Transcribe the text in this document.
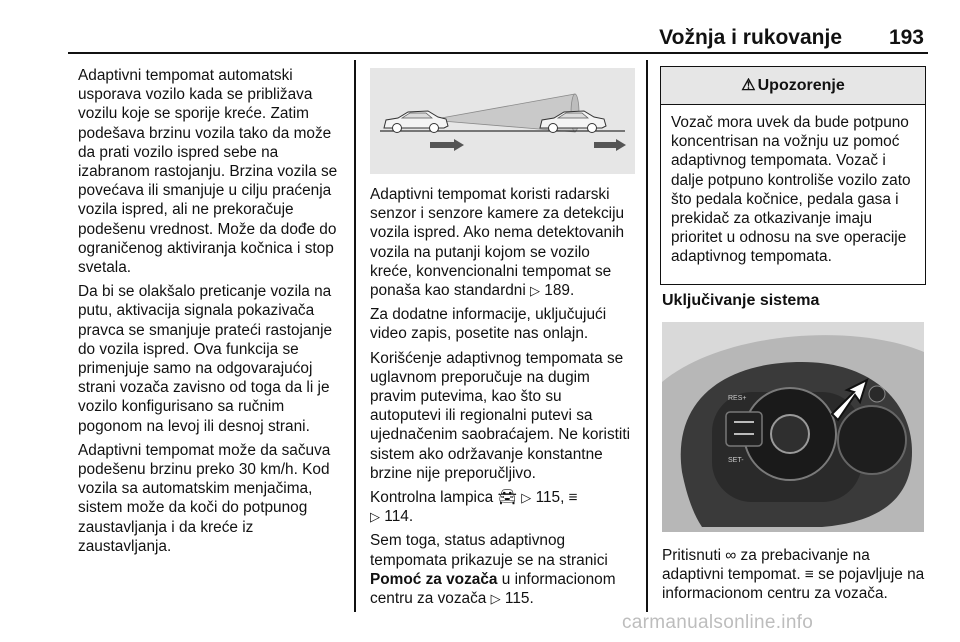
Vožnja i rukovanje 193

Adaptivni tempomat automatski usporava vozilo kada se približava vozilu koje se sporije kreće. Zatim podešava brzinu vozila tako da može da prati vozilo ispred sebe na izabranom rastojanju. Brzina vozila se povećava ili smanjuje u cilju praćenja vozila ispred, ali ne prekoračuje podešenu vrednost. Može da dođe do ograničenog aktiviranja kočnica i stop svetala.

Da bi se olakšalo preticanje vozila na putu, aktivacija signala pokazivača pravca se smanjuje prateći rastojanje do vozila ispred. Ova funkcija se primenjuje samo na odgovarajućoj strani vozača zavisno od toga da li je vozilo konfigurisano sa ručnim pogonom na levoj ili desnoj strani.

Adaptivni tempomat može da sačuva podešenu brzinu preko 30 km/h. Kod vozila sa automatskim menjačima, sistem može da koči do potpunog zaustavljanja i da kreće iz zaustavljanja.

Adaptivni tempomat koristi radarski senzor i senzore kamere za detekciju vozila ispred. Ako nema detektovanih vozila na putanji kojom se vozilo kreće, konvencionalni tempomat se ponaša kao standardni ▷ 189.

Za dodatne informacije, uključujući video zapis, posetite nas onlajn.

Korišćenje adaptivnog tempomata se uglavnom preporučuje na dugim pravim putevima, kao što su autoputevi ili regionalni putevi sa ujednačenim saobraćajem. Ne koristiti sistem ako održavanje konstantne brzine nije preporučljivo.

Kontrolna lampica 🚘︎ ▷ 115, ≡
▷ 114.

Sem toga, status adaptivnog tempomata prikazuje se na stranici Pomoć za vozača u informacionom centru za vozača ▷ 115.

⚠ Upozorenje
Vozač mora uvek da bude potpuno koncentrisan na vožnju uz pomoć adaptivnog tempomata. Vozač i dalje potpuno kontroliše vozilo zato što pedala kočnice, pedala gasa i prekidač za otkazivanje imaju prioritet u odnosu na sve operacije adaptivnog tempomata.
Uključivanje sistema
RES+
SET-

Pritisnuti ∞ za prebacivanje na adaptivni tempomat. ≡ se pojavljuje na informacionom centru za vozača.

carmanualsonline.info
